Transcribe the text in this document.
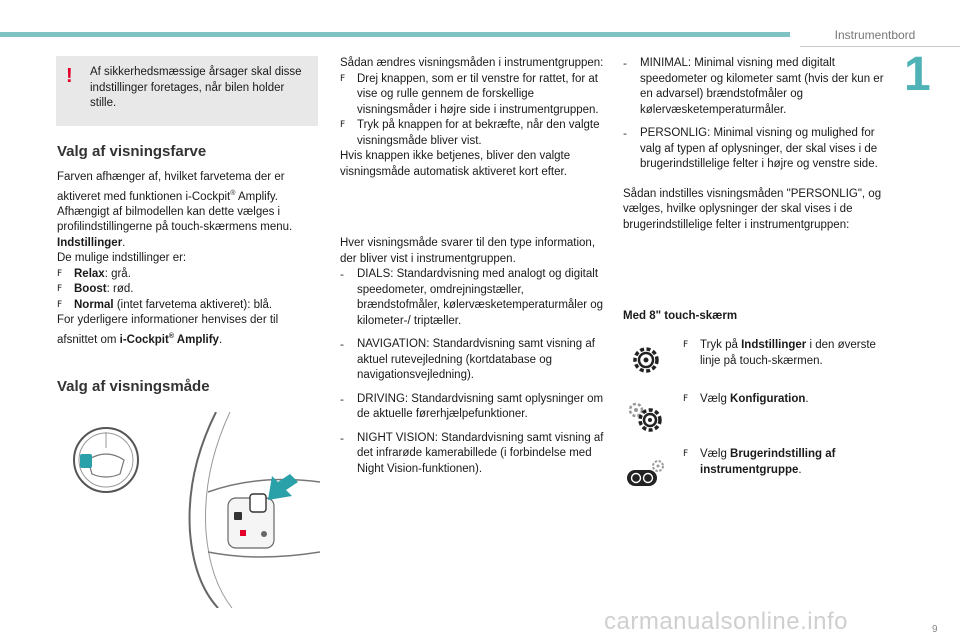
Instrumentbord
1
! Af sikkerhedsmæssige årsager skal disse indstillinger foretages, når bilen holder stille.
Valg af visningsfarve

Farven afhænger af, hvilket farvetema der er aktiveret med funktionen i-Cockpit® Amplify.

Afhængigt af bilmodellen kan dette vælges i profilindstillingerne på touch-skærmens menu.
Indstillinger.

De mulige indstillinger er:

F Relax: grå.

F Boost: rød.

F Normal (intet farvetema aktiveret): blå.

For yderligere informationer henvises der til afsnittet om i-Cockpit® Amplify.

Valg af visningsmåde

Sådan ændres visningsmåden i instrumentgruppen:

F Drej knappen, som er til venstre for rattet, for at vise og rulle gennem de forskellige visningsmåder i højre side i instrumentgruppen.

F Tryk på knappen for at bekræfte, når den valgte visningsmåde bliver vist.

Hvis knappen ikke betjenes, bliver den valgte visningsmåde automatisk aktiveret kort efter.

Hver visningsmåde svarer til den type information, der bliver vist i instrumentgruppen.

- DIALS: Standardvisning med analogt og digitalt speedometer, omdrejningstæller, brændstofmåler, kølervæsketemperaturmåler og kilometer-/ triptæller.

- NAVIGATION: Standardvisning samt visning af aktuel rutevejledning (kortdatabase og navigationsvejledning).

- DRIVING: Standardvisning samt oplysninger om de aktuelle førerhjælpefunktioner.

- NIGHT VISION: Standardvisning samt visning af det infrarøde kamerabillede (i forbindelse med Night Vision-funktionen).

- MINIMAL: Minimal visning med digitalt speedometer og kilometer samt (hvis der kun er en advarsel) brændstofmåler og kølervæsketemperaturmåler.

- PERSONLIG: Minimal visning og mulighed for valg af typen af oplysninger, der skal vises i de brugerindstillelige felter i højre og venstre side.

Sådan indstilles visningsmåden "PERSONLIG", og vælges, hvilke oplysninger der skal vises i de brugerindstillelige felter i instrumentgruppen:

Med 8" touch-skærm

F Tryk på Indstillinger i den øverste linje på touch-skærmen.

F Vælg Konfiguration.

F Vælg Brugerindstilling af instrumentgruppe.

carmanualsonline.info	9
